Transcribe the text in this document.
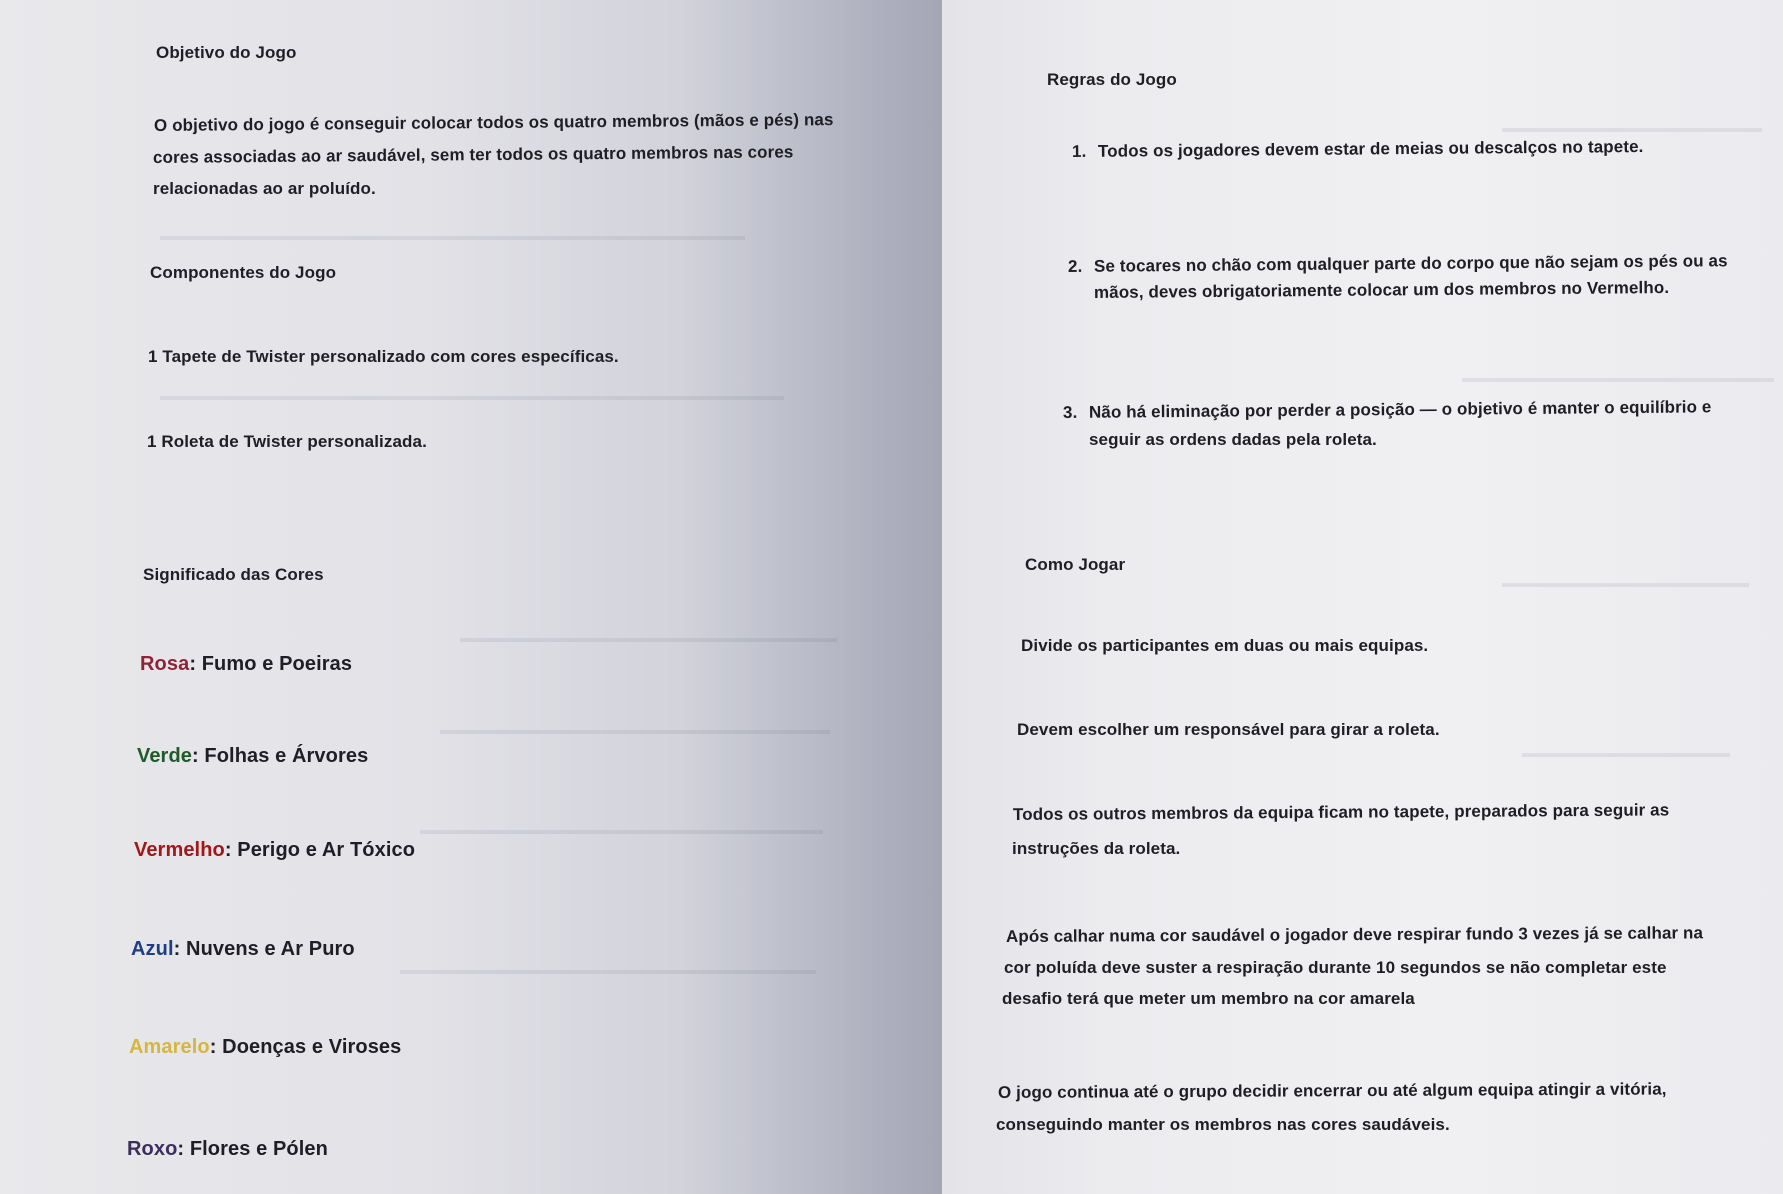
▬▬▬▬▬▬▬▬▬▬▬▬▬▬▬▬▬▬▬▬▬▬▬▬▬▬▬▬▬▬▬▬▬▬▬▬▬▬▬▬▬▬▬▬▬
▬▬▬▬▬▬▬▬▬▬▬▬▬▬▬▬▬▬▬▬▬▬▬▬▬▬▬▬▬▬▬▬▬▬▬▬▬▬▬▬▬▬▬▬▬▬▬▬
▬▬▬▬▬▬▬▬▬▬▬▬▬▬▬▬▬▬▬▬▬▬▬▬▬▬▬▬▬
▬▬▬▬▬▬▬▬▬▬▬▬▬▬▬▬▬▬▬▬▬▬▬▬▬▬▬▬▬▬
▬▬▬▬▬▬▬▬▬▬▬▬▬▬▬▬▬▬▬▬▬▬▬▬▬▬▬▬▬▬▬
▬▬▬▬▬▬▬▬▬▬▬▬▬▬▬▬▬▬▬▬▬▬▬▬▬▬▬▬▬▬▬▬
Objetivo do Jogo
O objetivo do jogo é conseguir colocar todos os quatro membros (mãos e pés) nas
cores associadas ao ar saudável, sem ter todos os quatro membros nas cores
relacionadas ao ar poluído.
Componentes do Jogo
1 Tapete de Twister personalizado com cores específicas.
1 Roleta de Twister personalizada.
Significado das Cores
Rosa: Fumo e Poeiras
Verde: Folhas e Árvores
Vermelho: Perigo e Ar Tóxico
Azul: Nuvens e Ar Puro
Amarelo: Doenças e Viroses
Roxo: Flores e Pólen
▬▬▬▬▬▬▬▬▬▬▬▬▬▬▬▬▬▬▬▬
▬▬▬▬▬▬▬▬▬▬▬▬▬▬▬▬▬▬▬▬▬▬▬▬
▬▬▬▬▬▬▬▬▬▬▬▬▬▬▬▬▬▬▬
▬▬▬▬▬▬▬▬▬▬▬▬▬▬▬▬
Regras do Jogo
1. Todos os jogadores devem estar de meias ou descalços no tapete.
2. Se tocares no chão com qualquer parte do corpo que não sejam os pés ou as
mãos, deves obrigatoriamente colocar um dos membros no Vermelho.
3. Não há eliminação por perder a posição — o objetivo é manter o equilíbrio e
seguir as ordens dadas pela roleta.
Como Jogar
Divide os participantes em duas ou mais equipas.
Devem escolher um responsável para girar a roleta.
Todos os outros membros da equipa ficam no tapete, preparados para seguir as
instruções da roleta.
Após calhar numa cor saudável o jogador deve respirar fundo 3 vezes já se calhar na
cor poluída deve suster a respiração durante 10 segundos se não completar este
desafio terá que meter um membro na cor amarela
O jogo continua até o grupo decidir encerrar ou até algum equipa atingir a vitória,
conseguindo manter os membros nas cores saudáveis.
